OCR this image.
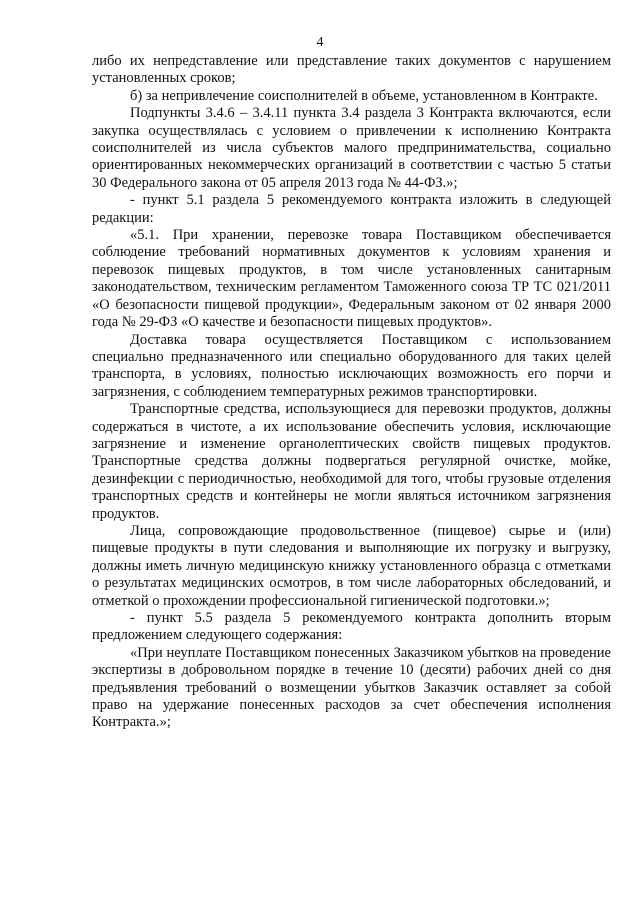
4

либо их непредставление или представление таких документов с нарушением установленных сроков;

б) за непривлечение соисполнителей в объеме, установленном в Контракте.

Подпункты 3.4.6 – 3.4.11 пункта 3.4 раздела 3 Контракта включаются, если закупка осуществлялась с условием о привлечении к исполнению Контракта соисполнителей из числа субъектов малого предпринимательства, социально ориентированных некоммерческих организаций в соответствии с частью 5 статьи 30 Федерального закона от 05 апреля 2013 года № 44-ФЗ.»;

- пункт 5.1 раздела 5 рекомендуемого контракта изложить в следующей редакции:

«5.1. При хранении, перевозке товара Поставщиком обеспечивается соблюдение требований нормативных документов к условиям хранения и перевозок пищевых продуктов, в том числе установленных санитарным законодательством, техническим регламентом Таможенного союза ТР ТС 021/2011 «О безопасности пищевой продукции», Федеральным законом от 02 января 2000 года № 29-ФЗ «О качестве и безопасности пищевых продуктов».

Доставка товара осуществляется Поставщиком с использованием специально предназначенного или специально оборудованного для таких целей транспорта, в условиях, полностью исключающих возможность его порчи и загрязнения, с соблюдением температурных режимов транспортировки.

Транспортные средства, использующиеся для перевозки продуктов, должны содержаться в чистоте, а их использование обеспечить условия, исключающие загрязнение и изменение органолептических свойств пищевых продуктов. Транспортные средства должны подвергаться регулярной очистке, мойке, дезинфекции с периодичностью, необходимой для того, чтобы грузовые отделения транспортных средств и контейнеры не могли являться источником загрязнения продуктов.

Лица, сопровождающие продовольственное (пищевое) сырье и (или) пищевые продукты в пути следования и выполняющие их погрузку и выгрузку, должны иметь личную медицинскую книжку установленного образца с отметками о результатах медицинских осмотров, в том числе лабораторных обследований, и отметкой о прохождении профессиональной гигиенической подготовки.»;

- пункт 5.5 раздела 5 рекомендуемого контракта дополнить вторым предложением следующего содержания:

«При неуплате Поставщиком понесенных Заказчиком убытков на проведение экспертизы в добровольном порядке в течение 10 (десяти) рабочих дней со дня предъявления требований о возмещении убытков Заказчик оставляет за собой право на удержание понесенных расходов за счет обеспечения исполнения Контракта.»;
